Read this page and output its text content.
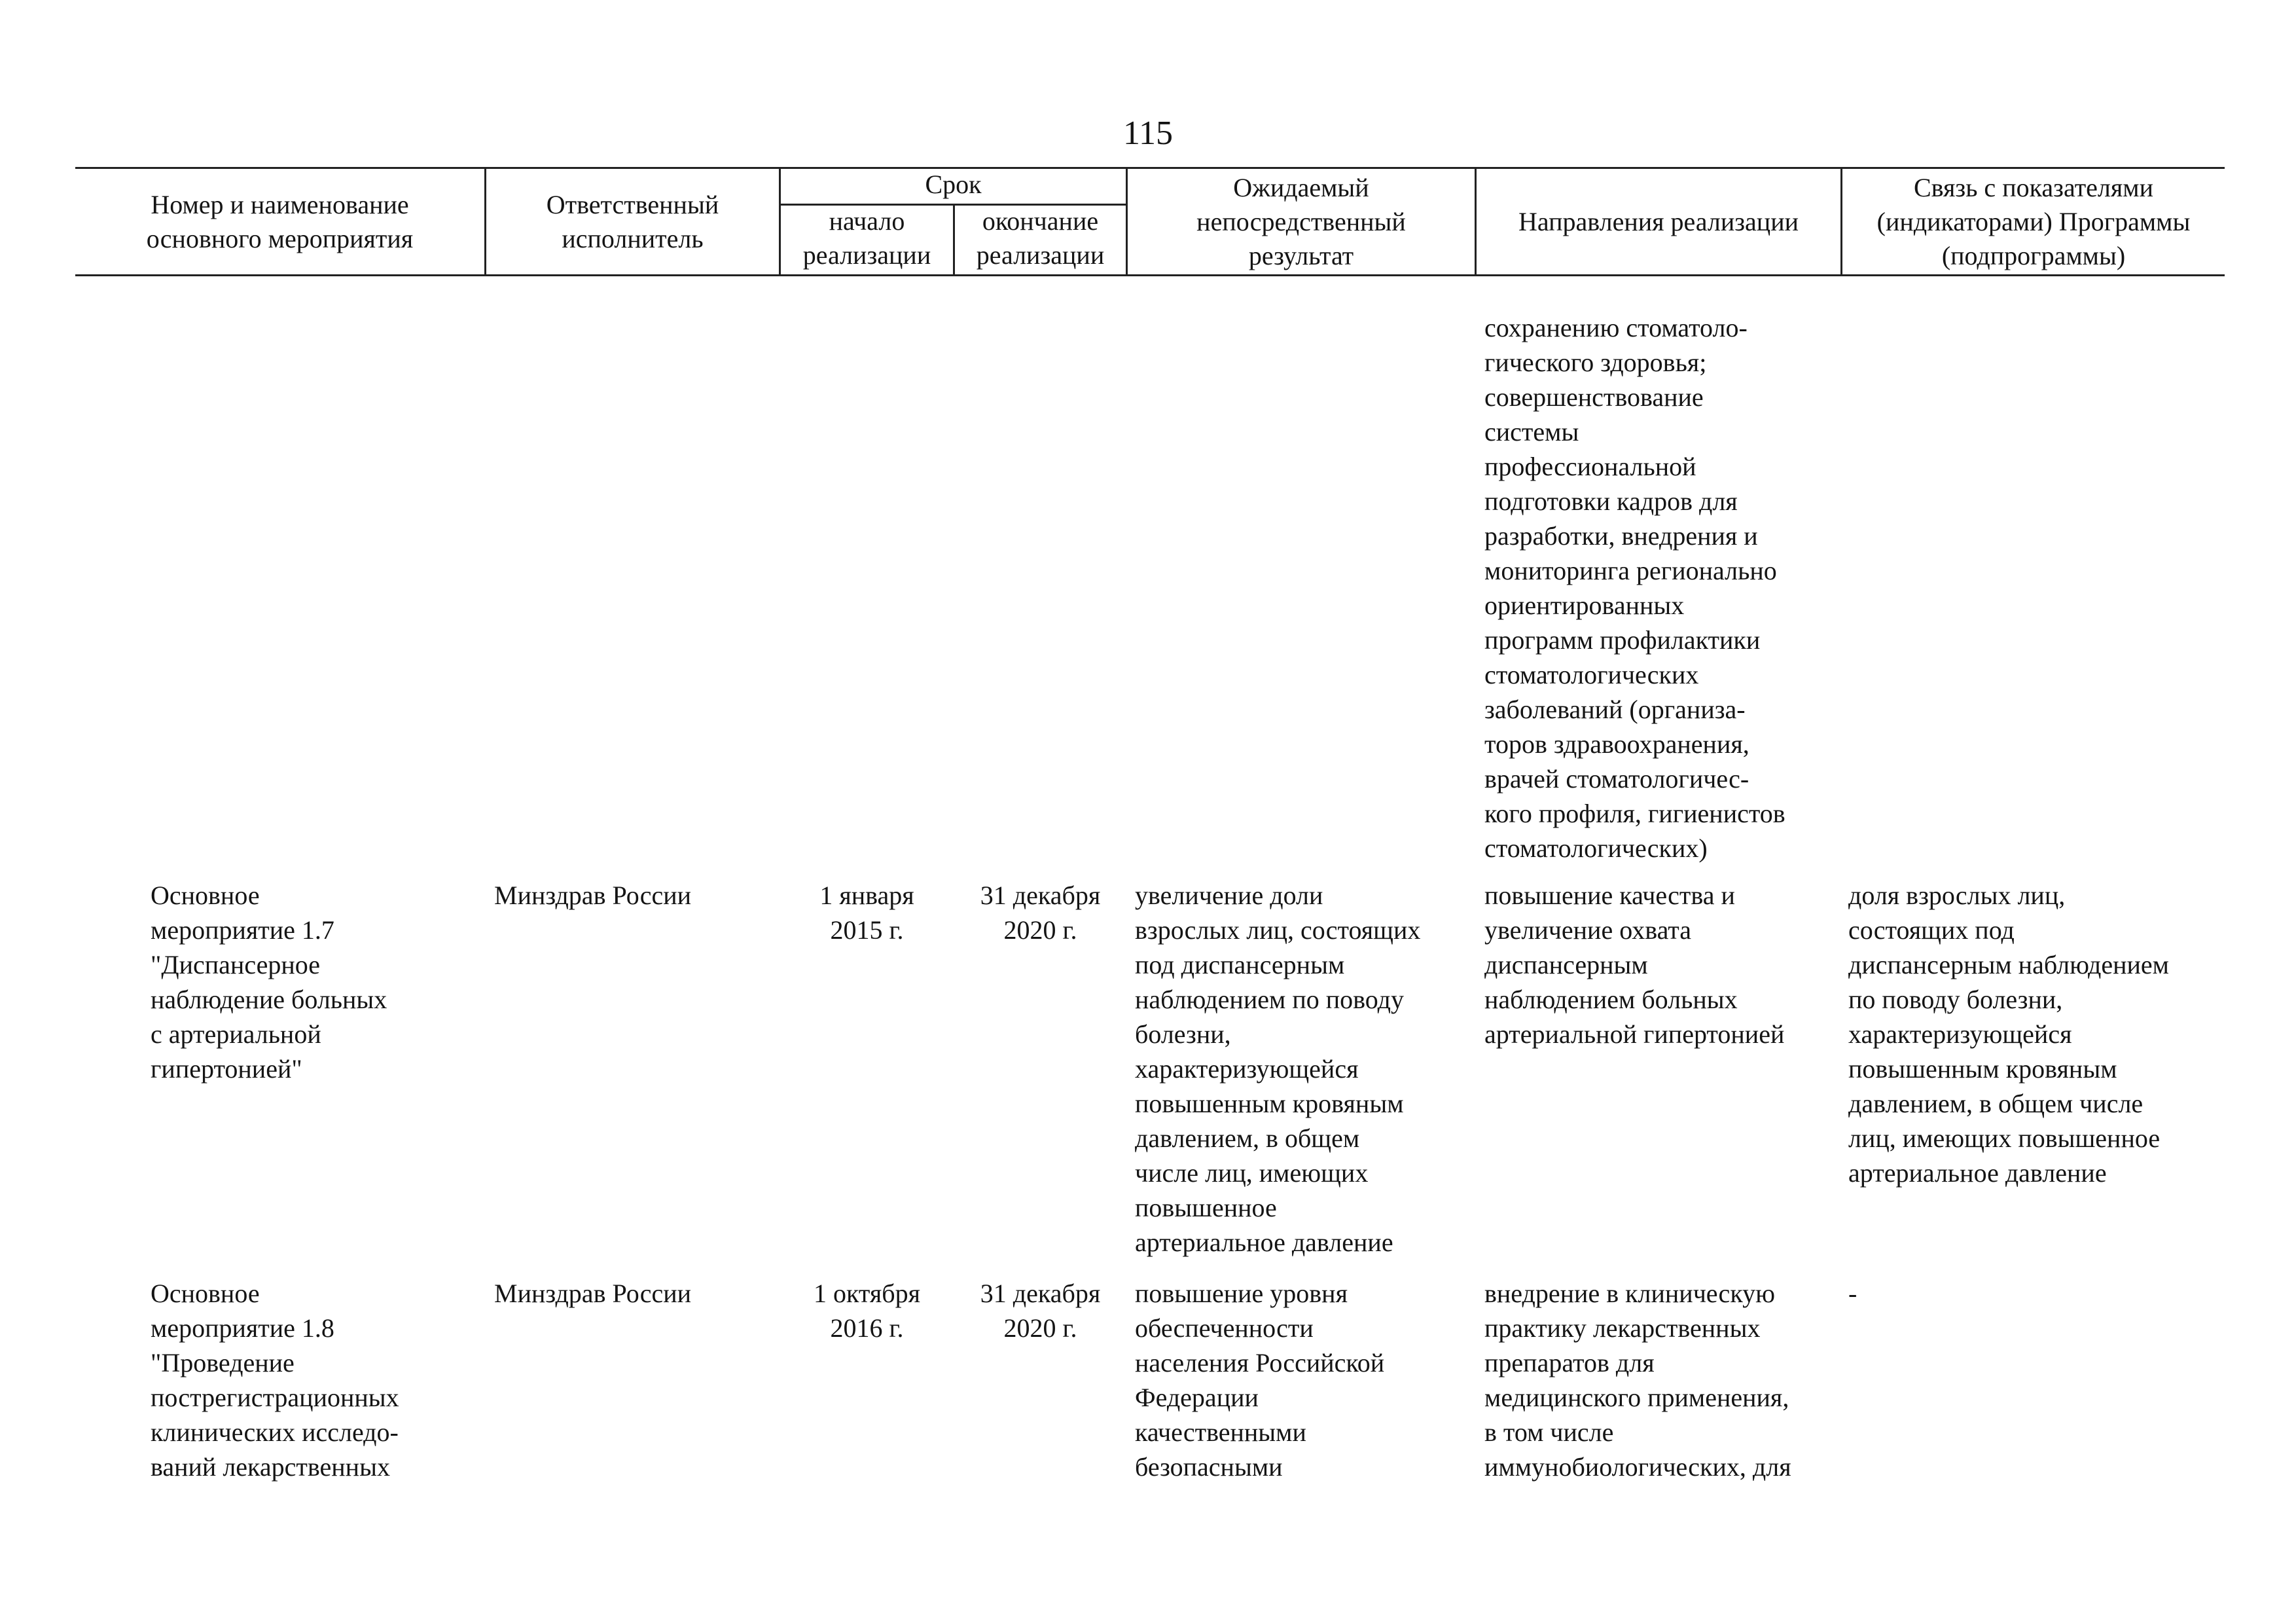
115
Номер и наименование
основного мероприятия
Ответственный
исполнитель
Срок
начало
реализации
окончание
реализации
Ожидаемый
непосредственный
результат
Направления реализации
Связь с показателями
(индикаторами) Программы
(подпрограммы)
сохранению стоматоло-
гического здоровья;
совершенствование
системы
профессиональной
подготовки кадров для
разработки, внедрения и
мониторинга регионально
ориентированных
программ профилактики
стоматологических
заболеваний (организа-
торов здравоохранения,
врачей стоматологичес-
кого профиля, гигиенистов
стоматологических)
Основное
мероприятие 1.7
"Диспансерное
наблюдение больных
с артериальной
гипертонией"
Минздрав России	1 января
2015 г.
31 декабря
2020 г.
увеличение доли
взрослых лиц, состоящих
под диспансерным
наблюдением по поводу
болезни,
характеризующейся
повышенным кровяным
давлением, в общем
числе лиц, имеющих
повышенное
артериальное давление
повышение качества и
увеличение охвата
диспансерным
наблюдением больных
артериальной гипертонией
доля взрослых лиц,
состоящих под
диспансерным наблюдением
по поводу болезни,
характеризующейся
повышенным кровяным
давлением, в общем числе
лиц, имеющих повышенное
артериальное давление
Основное
мероприятие 1.8
"Проведение
пострегистрационных
клинических исследо-
ваний лекарственных
Минздрав России	1 октября
2016 г.
31 декабря
2020 г.
повышение уровня
обеспеченности
населения Российской
Федерации
качественными
безопасными
внедрение в клиническую
практику лекарственных
препаратов для
медицинского применения,
в том числе
иммунобиологических, для
-
